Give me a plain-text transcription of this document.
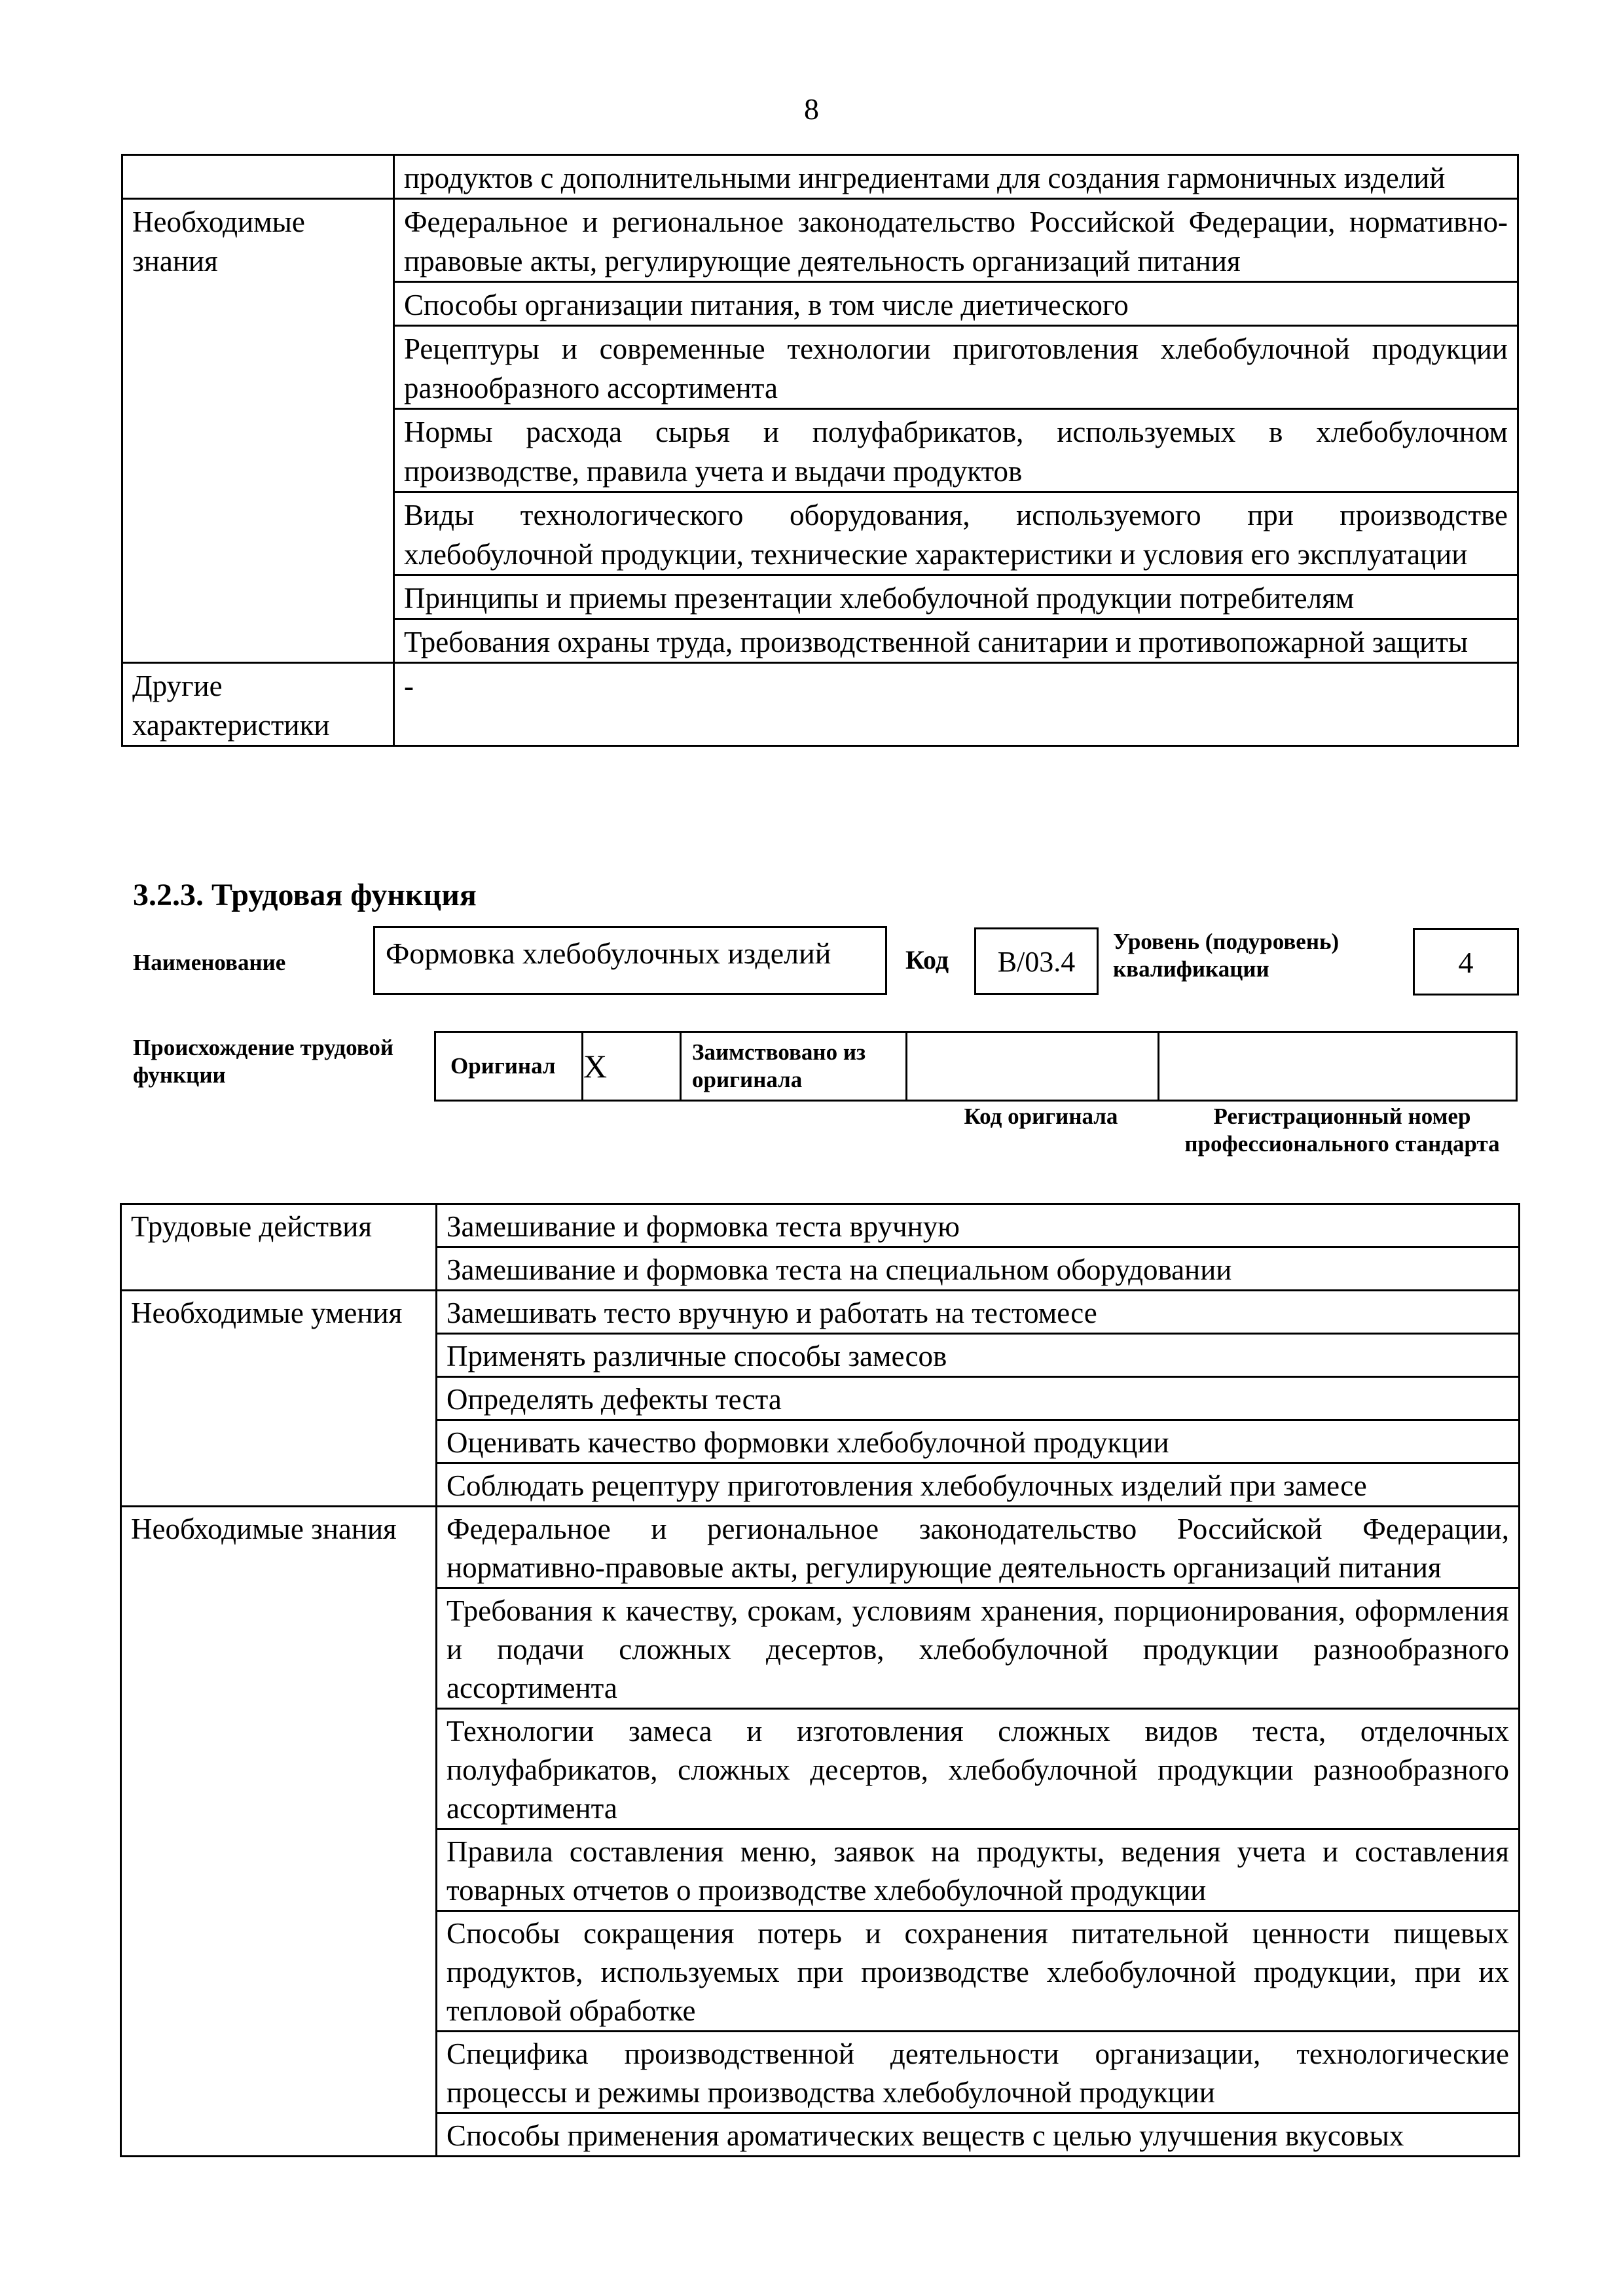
8
	продуктов с дополнительными ингредиентами для создания гармоничных изделий
Необходимые знания	Федеральное и региональное законодательство Российской Федерации, нормативно-правовые акты, регулирующие деятельность организаций питания
	Способы организации питания, в том числе диетического
	Рецептуры и современные технологии приготовления хлебобулочной продукции разнообразного ассортимента
	Нормы расхода сырья и полуфабрикатов, используемых в хлебобулочном производстве, правила учета и выдачи продуктов
	Виды технологического оборудования, используемого при производстве хлебобулочной продукции, технические характеристики и условия его эксплуатации
	Принципы и приемы презентации хлебобулочной продукции потребителям
	Требования охраны труда, производственной санитарии и противопожарной защиты
Другие характеристики	-
3.2.3. Трудовая функция
Наименование	Формовка хлебобулочных изделий	Код	B/03.4
Уровень (подуровень) квалификации	4
Происхождение трудовой функции	Оригинал	X	Заимствовано из оригинала		
Код оригинала	Регистрационный номер профессионального стандарта
Трудовые действия	Замешивание и формовка теста вручную
	Замешивание и формовка теста на специальном оборудовании
Необходимые умения	Замешивать тесто вручную и работать на тестомесе
	Применять различные способы замесов
	Определять дефекты теста
	Оценивать качество формовки хлебобулочной продукции
	Соблюдать рецептуру приготовления хлебобулочных изделий при замесе
Необходимые знания	Федеральное и региональное законодательство Российской Федерации, нормативно-правовые акты, регулирующие деятельность организаций питания
	Требования к качеству, срокам, условиям хранения, порционирования, оформления и подачи сложных десертов, хлебобулочной продукции разнообразного ассортимента
	Технологии замеса и изготовления сложных видов теста, отделочных полуфабрикатов, сложных десертов, хлебобулочной продукции разнообразного ассортимента
	Правила составления меню, заявок на продукты, ведения учета и составления товарных отчетов о производстве хлебобулочной продукции
	Способы сокращения потерь и сохранения питательной ценности пищевых продуктов, используемых при производстве хлебобулочной продукции, при их тепловой обработке
	Специфика производственной деятельности организации, технологические процессы и режимы производства хлебобулочной продукции
	Способы применения ароматических веществ с целью улучшения вкусовых
